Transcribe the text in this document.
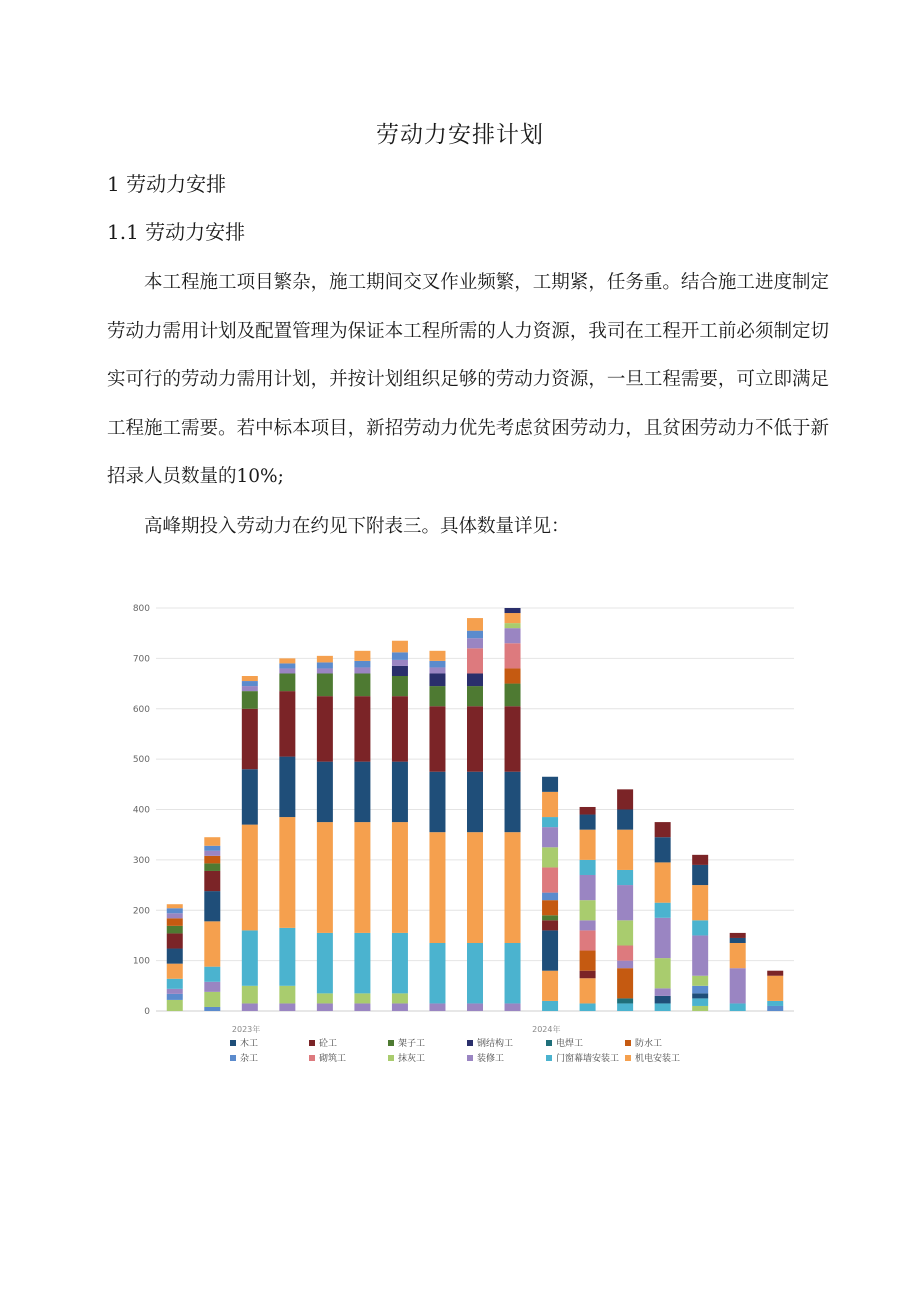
劳动力安排计划
1 劳动力安排
1.1 劳动力安排

本工程施工项目繁杂，施工期间交叉作业频繁，工期紧，任务重。结合施工进度制定劳动力需用计划及配置管理为保证本工程所需的人力资源，我司在工程开工前必须制定切实可行的劳动力需用计划，并按计划组织足够的劳动力资源，一旦工程需要，可立即满足工程施工需要。若中标本项目，新招劳动力优先考虑贫困劳动力，且贫困劳动力不低于新招录人员数量的10%;

高峰期投入劳动力在约见下附表三。具体数量详见：

0
100
200
300
400
500
600
700
800
2023年	2024年
木工	砼工	架子工	钢结构工	电焊工	防水工
杂工	砌筑工	抹灰工	装修工	门窗幕墙安装工 机电安装工
